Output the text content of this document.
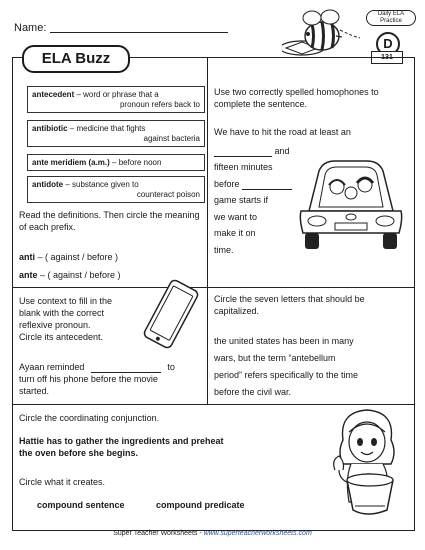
Name:
Daily ELA Practice
D
131
antecedent – word or phrase that a
pronoun refers back to
antibiotic – medicine that fights
against bacteria
ante meridiem (a.m.) – before noon
antidote – substance given to
counteract poison
Read the definitions. Then circle the meaning of each prefix.
anti – ( against / before )
ante – ( against / before )
Use two correctly spelled homophones to complete the sentence.
We have to hit the road at least an
and
fifteen minutes
before
game starts if
we want to
make it on
time.
Use context to fill in the
blank with the correct
reflexive pronoun.
Circle its antecedent.
Ayaan reminded	to
turn off his phone before the movie
started.
Circle the seven letters that should be capitalized.
the united states has been in many
wars, but the term “antebellum
period” refers specifically to the time
before the civil war.
Circle the coordinating conjunction.
Hattie has to gather the ingredients and preheat
the oven before she begins.
Circle what it creates.
compound sentence	compound predicate
ELA Buzz
Super Teacher Worksheets - www.superteacherworksheets.com
